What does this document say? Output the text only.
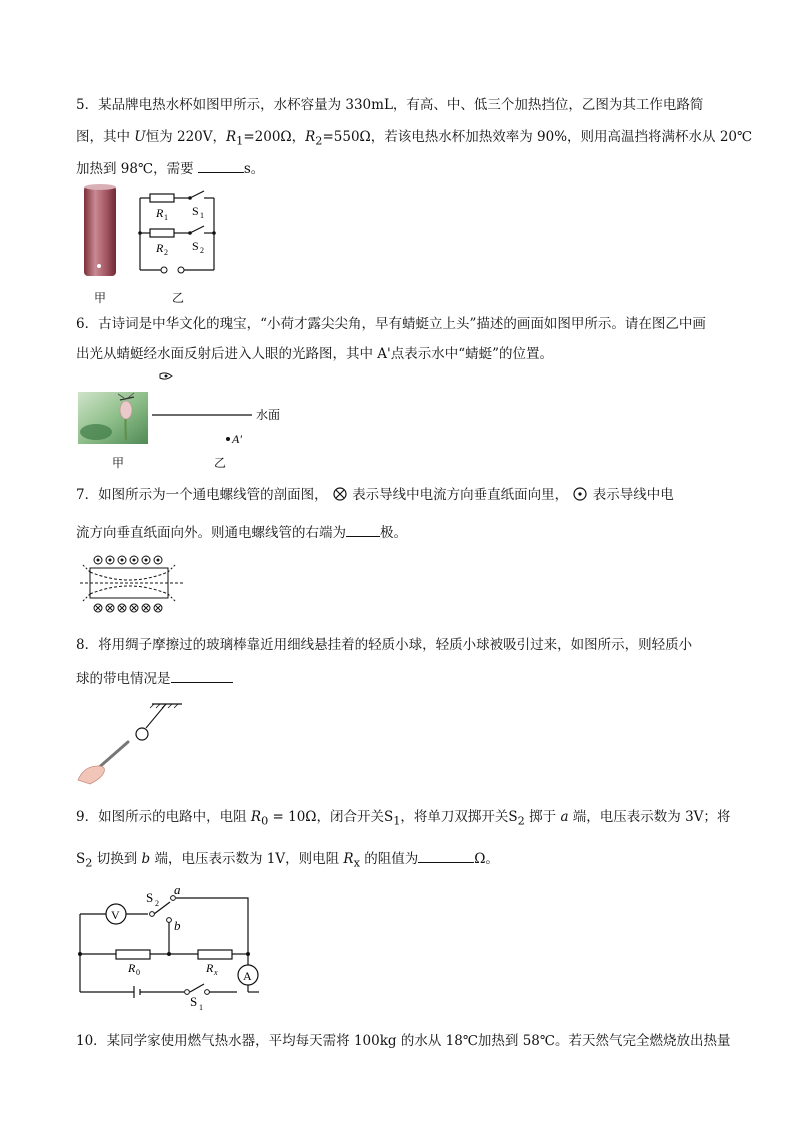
5．某品牌电热水杯如图甲所示，水杯容量为 330mL，有高、中、低三个加热挡位，乙图为其工作电路简
图，其中 U恒为 220V，$R_1=200\Omega$，$R_2=550\Omega$，若该电热水杯加热效率为 90%，则用高温挡将满杯水从 20℃
加热到 98℃，需要	s。
R 1 S 1
R 2 S 2
甲	乙
6．古诗词是中华文化的瑰宝，“小荷才露尖尖角，早有蜻蜓立上头”描述的画面如图甲所示。请在图乙中画
出光从蜻蜓经水面反射后进入人眼的光路图，其中 A'点表示水中“蜻蜓”的位置。
水面
A′
甲	乙
7．如图所示为一个通电螺线管的剖面图， 表示导线中电流方向垂直纸面向里， 表示导线中电
流方向垂直纸面向外。则通电螺线管的右端为	极。
8．将用绸子摩擦过的玻璃棒靠近用细线悬挂着的轻质小球，轻质小球被吸引过来，如图所示，则轻质小
球的带电情况是
9．如图所示的电路中，电阻 $R_0 = 10\Omega$，闭合开关$S_1$，将单刀双掷开关$S_2$ 掷于 a 端，电压表示数为 3V；将
$S_2$ 切换到 b 端，电压表示数为 1V，则电阻 $R_x$ 的阻值为	Ω。
V
A
S 2
a
b
R 0	R x
S 1
10．某同学家使用燃气热水器，平均每天需将 100kg 的水从 18℃加热到 58℃。若天然气完全燃烧放出热量
